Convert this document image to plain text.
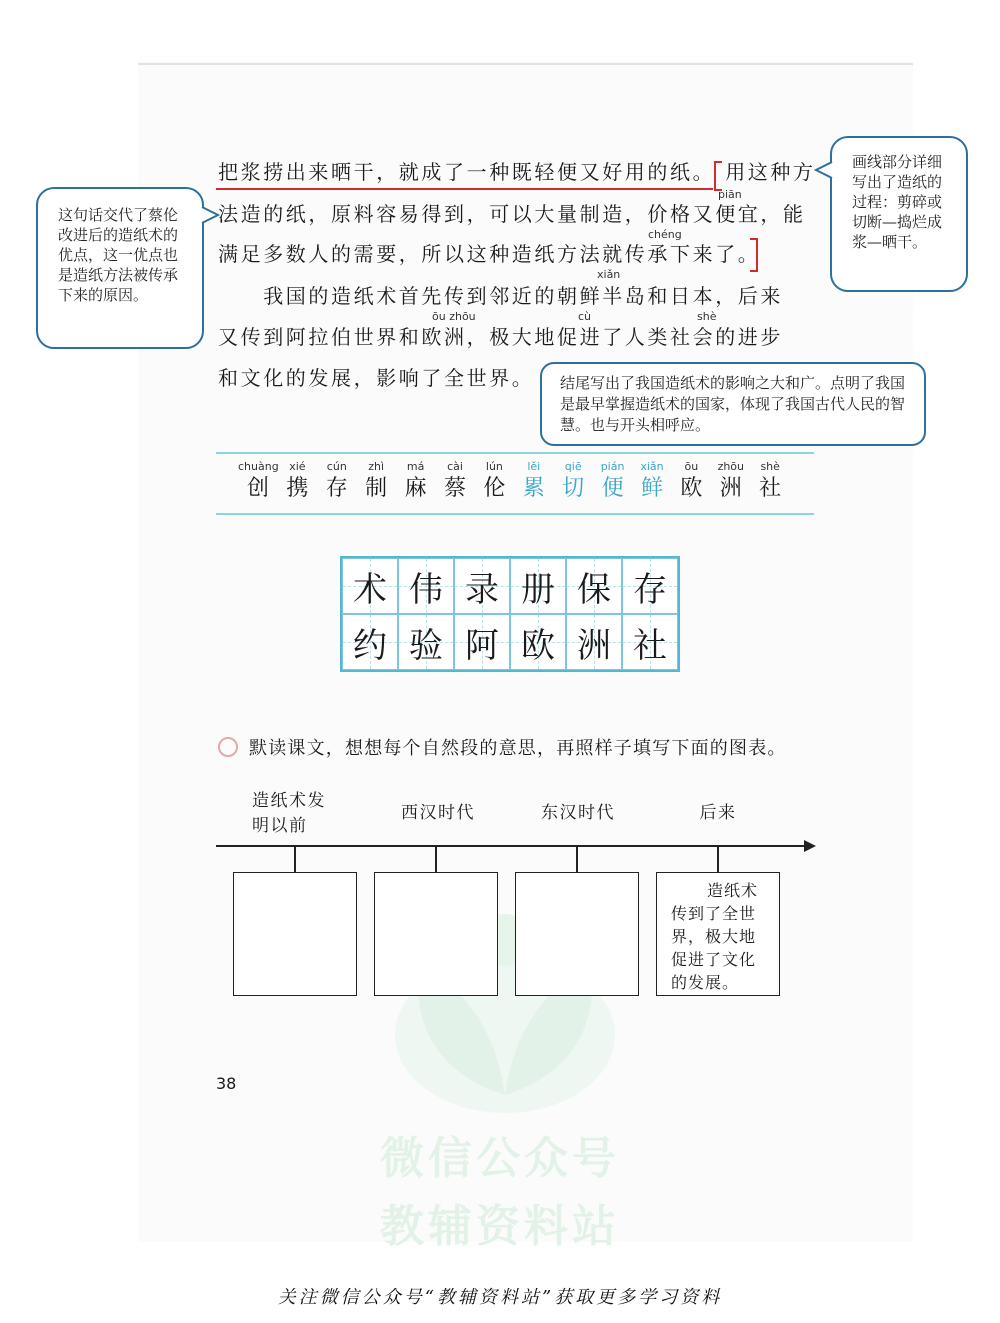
微信公众号
教辅资料站
把浆捞出来晒干，就成了一种既轻便又好用的纸。 用这种方
piān
法造的纸，原料容易得到，可以大量制造，价格又便宜，能
chéng
满足多数人的需要，所以这种造纸方法就传承下来了。
xiǎn
　　我国的造纸术首先传到邻近的朝鲜半岛和日本，后来
ōu zhōu	cù	shè
又传到阿拉伯世界和欧洲，极大地促进了人类社会的进步
和文化的发展，影响了全世界。
这句话交代了蔡伦改进后的造纸术的优点，这一优点也是造纸方法被传承下来的原因。
画线部分详细写出了造纸的过程：剪碎或切断—捣烂成浆—晒干。
结尾写出了我国造纸术的影响之大和广。点明了我国是最早掌握造纸术的国家，体现了我国古代人民的智慧。也与开头相呼应。
chuàng
创
xié
携
cún
存
zhì
制
má
麻
cài
蔡
lún
伦
lěi
累
qiē
切
pián
便
xiǎn
鲜
ōu
欧
zhōu
洲
shè
社
术 伟 录 册 保 存
约 验 阿 欧 洲 社
默读课文，想想每个自然段的意思，再照样子填写下面的图表。
造纸术发明以前
西汉时代	东汉时代	后来
造纸术传到了全世界，极大地促进了文化的发展。
38
关注微信公众号“教辅资料站”获取更多学习资料
